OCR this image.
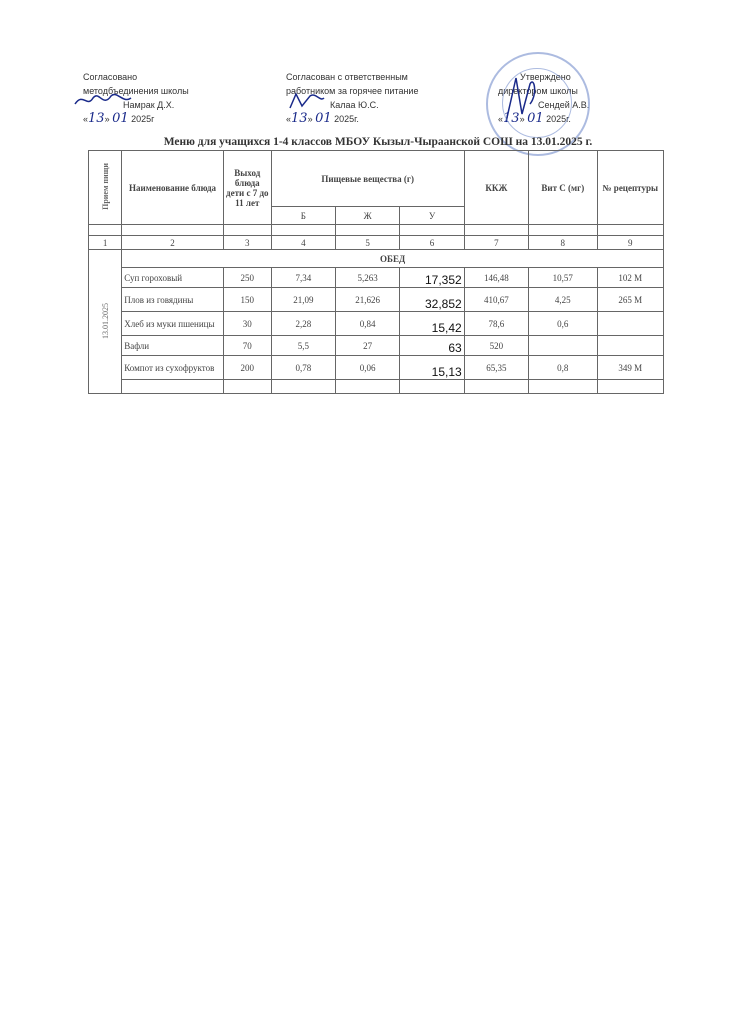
Согласовано
методбъединения школы
Намрак Д.Х.
«13» 01 2025г
Согласован с ответственным
работником за горячее питание
Калаа Ю.С.
«13» 01 2025г.
Утверждено
директором школы
Сендей А.В.
«13» 01 2025г.
Меню для учащихся 1-4 классов МБОУ Кызыл-Чыраанской СОШ на 13.01.2025 г.
Прием пищи	Наименование блюда	Выход блюда дети с 7 до 11 лет	Пищевые вещества (г)			ККЖ	Вит С (мг)	№ рецептуры
			Б	Ж	У			

1	2	3	4	5	6	7	8	9
13.01.2025	ОБЕД							
	Суп гороховый	250	7,34	5,263	17,352	146,48	10,57	102 М
	Плов из говядины	150	21,09	21,626	32,852	410,67	4,25	265 М
	Хлеб из муки пшеницы	30	2,28	0,84	15,42	78,6	0,6	
	Вафли	70	5,5	27	63	520		
	Компот из сухофруктов	200	0,78	0,06	15,13	65,35	0,8	349 М
